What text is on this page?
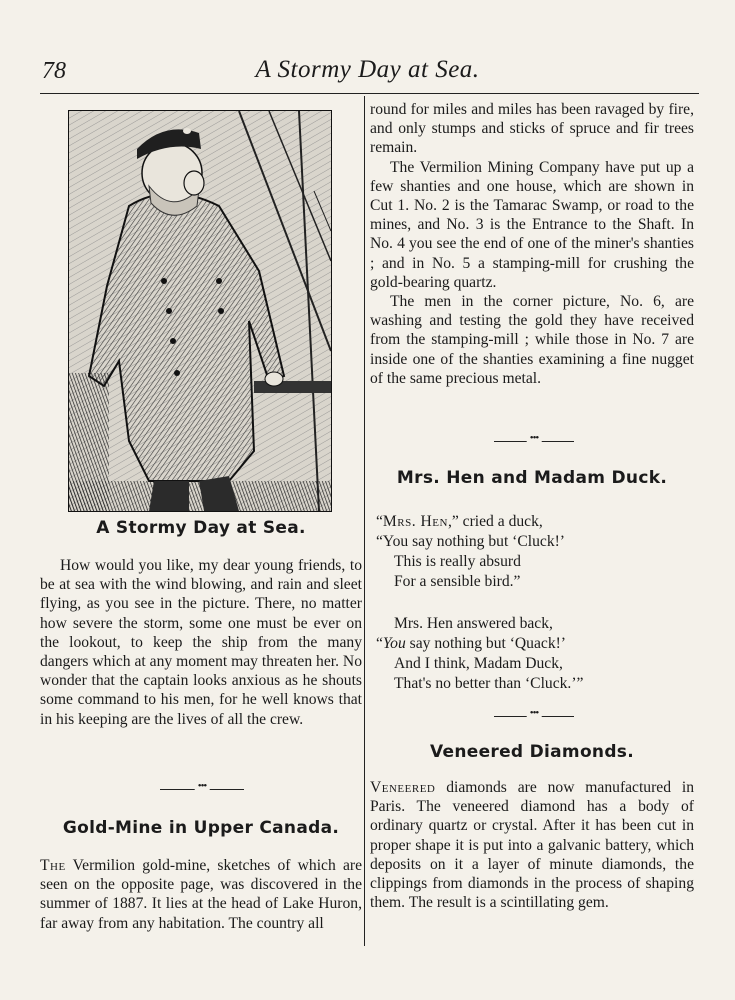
78	A Stormy Day at Sea.
A Stormy Day at Sea.

How would you like, my dear young friends, to be at sea with the wind blowing, and rain and sleet flying, as you see in the picture. There, no matter how severe the storm, some one must be ever on the lookout, to keep the ship from the many dangers which at any moment may threaten her. No wonder that the captain looks anxious as he shouts some command to his men, for he well knows that in his keeping are the lives of all the crew.

•••
Gold-Mine in Upper Canada.

The Vermilion gold-mine, sketches of which are seen on the opposite page, was discovered in the summer of 1887. It lies at the head of Lake Huron, far away from any habitation. The country all

round for miles and miles has been ravaged by fire, and only stumps and sticks of spruce and fir trees remain.

The Vermilion Mining Company have put up a few shanties and one house, which are shown in Cut 1. No. 2 is the Tamarac Swamp, or road to the mines, and No. 3 is the Entrance to the Shaft. In No. 4 you see the end of one of the miner's shanties ; and in No. 5 a stamping-mill for crushing the gold-bearing quartz.

The men in the corner picture, No. 6, are washing and testing the gold they have received from the stamping-mill ; while those in No. 7 are inside one of the shanties examining a fine nugget of the same precious metal.

•••
Mrs. Hen and Madam Duck.
“Mrs. Hen,” cried a duck,
“You say nothing but ‘Cluck!’
This is really absurd
For a sensible bird.”
Mrs. Hen answered back,
“You say nothing but ‘Quack!’
And I think, Madam Duck,
That's no better than ‘Cluck.’”
•••
Veneered Diamonds.

Veneered diamonds are now manufactured in Paris. The veneered diamond has a body of ordinary quartz or crystal. After it has been cut in proper shape it is put into a galvanic battery, which deposits on it a layer of minute diamonds, the clippings from diamonds in the process of shaping them. The result is a scintillating gem.
